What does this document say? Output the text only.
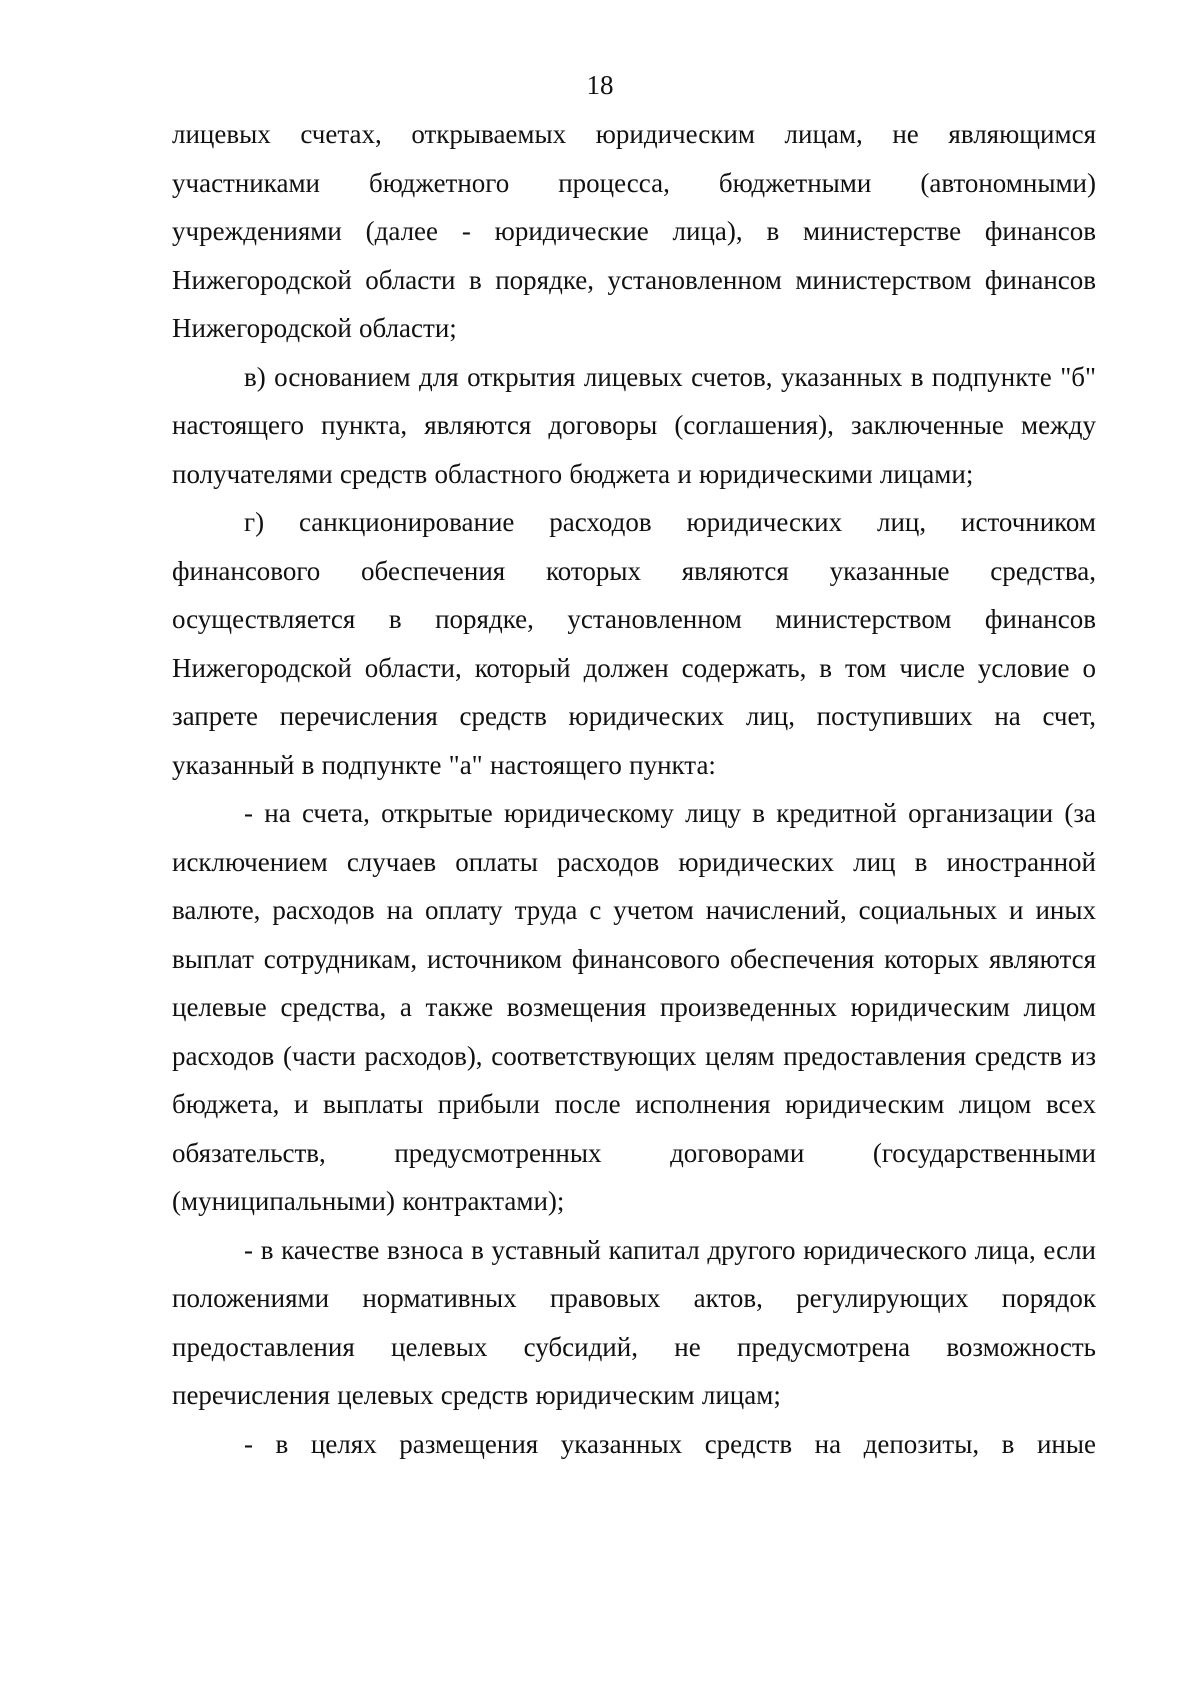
18

лицевых счетах, открываемых юридическим лицам, не являющимся участниками бюджетного процесса, бюджетными (автономными) учреждениями (далее - юридические лица), в министерстве финансов Нижегородской области в порядке, установленном министерством финансов Нижегородской области;

в) основанием для открытия лицевых счетов, указанных в подпункте "б" настоящего пункта, являются договоры (соглашения), заключенные между получателями средств областного бюджета и юридическими лицами;

г) санкционирование расходов юридических лиц, источником финансового обеспечения которых являются указанные средства, осуществляется в порядке, установленном министерством финансов Нижегородской области, который должен содержать, в том числе условие о запрете перечисления средств юридических лиц, поступивших на счет, указанный в подпункте "а" настоящего пункта:

- на счета, открытые юридическому лицу в кредитной организации (за исключением случаев оплаты расходов юридических лиц в иностранной валюте, расходов на оплату труда с учетом начислений, социальных и иных выплат сотрудникам, источником финансового обеспечения которых являются целевые средства, а также возмещения произведенных юридическим лицом расходов (части расходов), соответствующих целям предоставления средств из бюджета, и выплаты прибыли после исполнения юридическим лицом всех обязательств, предусмотренных договорами (государственными (муниципальными) контрактами);

- в качестве взноса в уставный капитал другого юридического лица, если положениями нормативных правовых актов, регулирующих порядок предоставления целевых субсидий, не предусмотрена возможность перечисления целевых средств юридическим лицам;

- в целях размещения указанных средств на депозиты, в иные
